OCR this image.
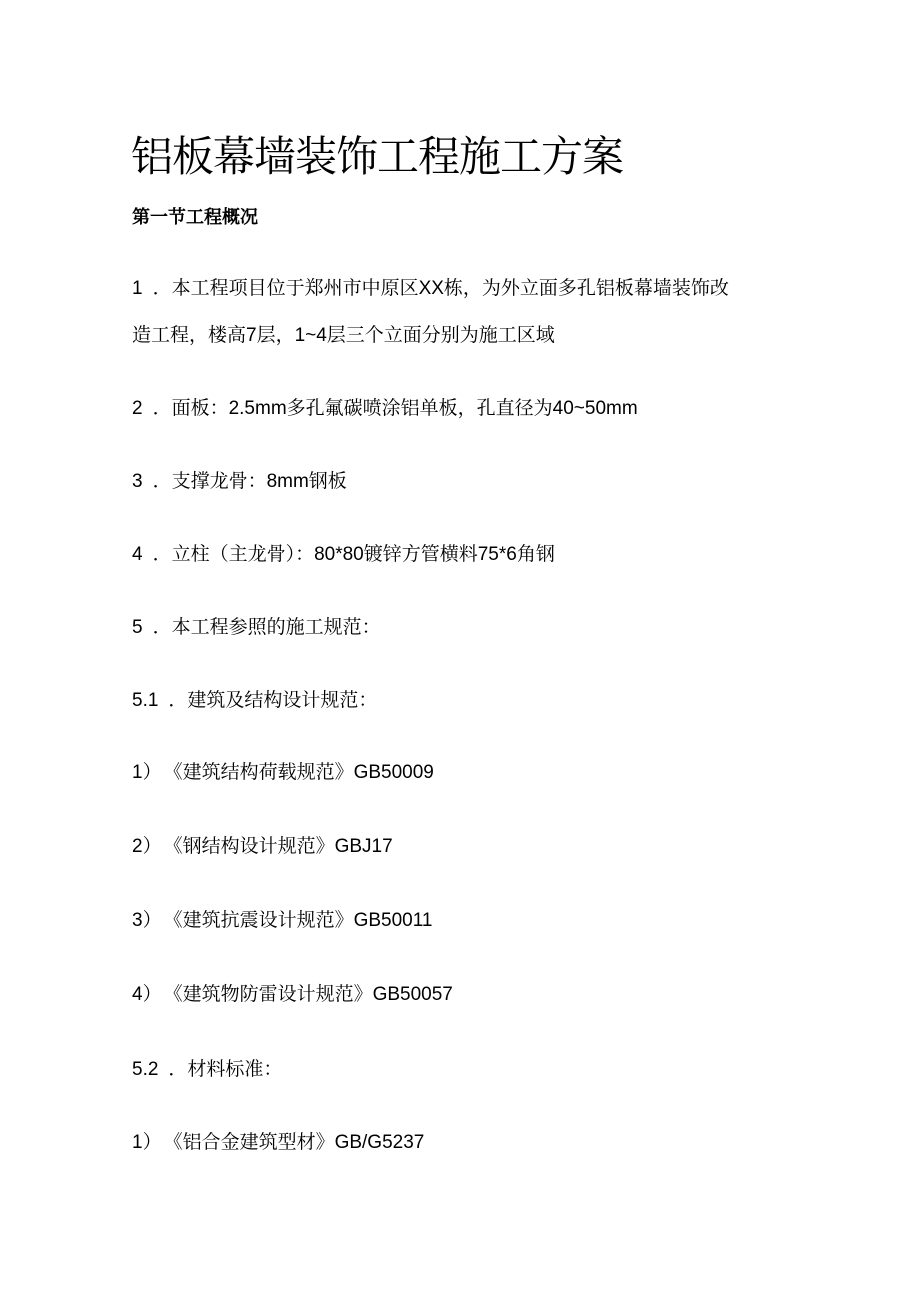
铝板幕墙装饰工程施工方案
第一节工程概况

1 ．本工程项目位于郑州市中原区XX栋，为外立面多孔铝板幕墙装饰改

造工程，楼高7层，1~4层三个立面分别为施工区域

2 ．面板：2.5mm多孔氟碳喷涂铝单板，孔直径为40~50mm

3 ．支撑龙骨：8mm钢板

4 ．立柱（主龙骨）：80*80镀锌方管横料75*6角钢

5 ．本工程参照的施工规范：

5.1 ．建筑及结构设计规范：

1） 《建筑结构荷载规范》GB50009

2） 《钢结构设计规范》GBJ17

3） 《建筑抗震设计规范》GB50011

4） 《建筑物防雷设计规范》GB50057

5.2 ．材料标准：

1） 《铝合金建筑型材》GB/G5237
